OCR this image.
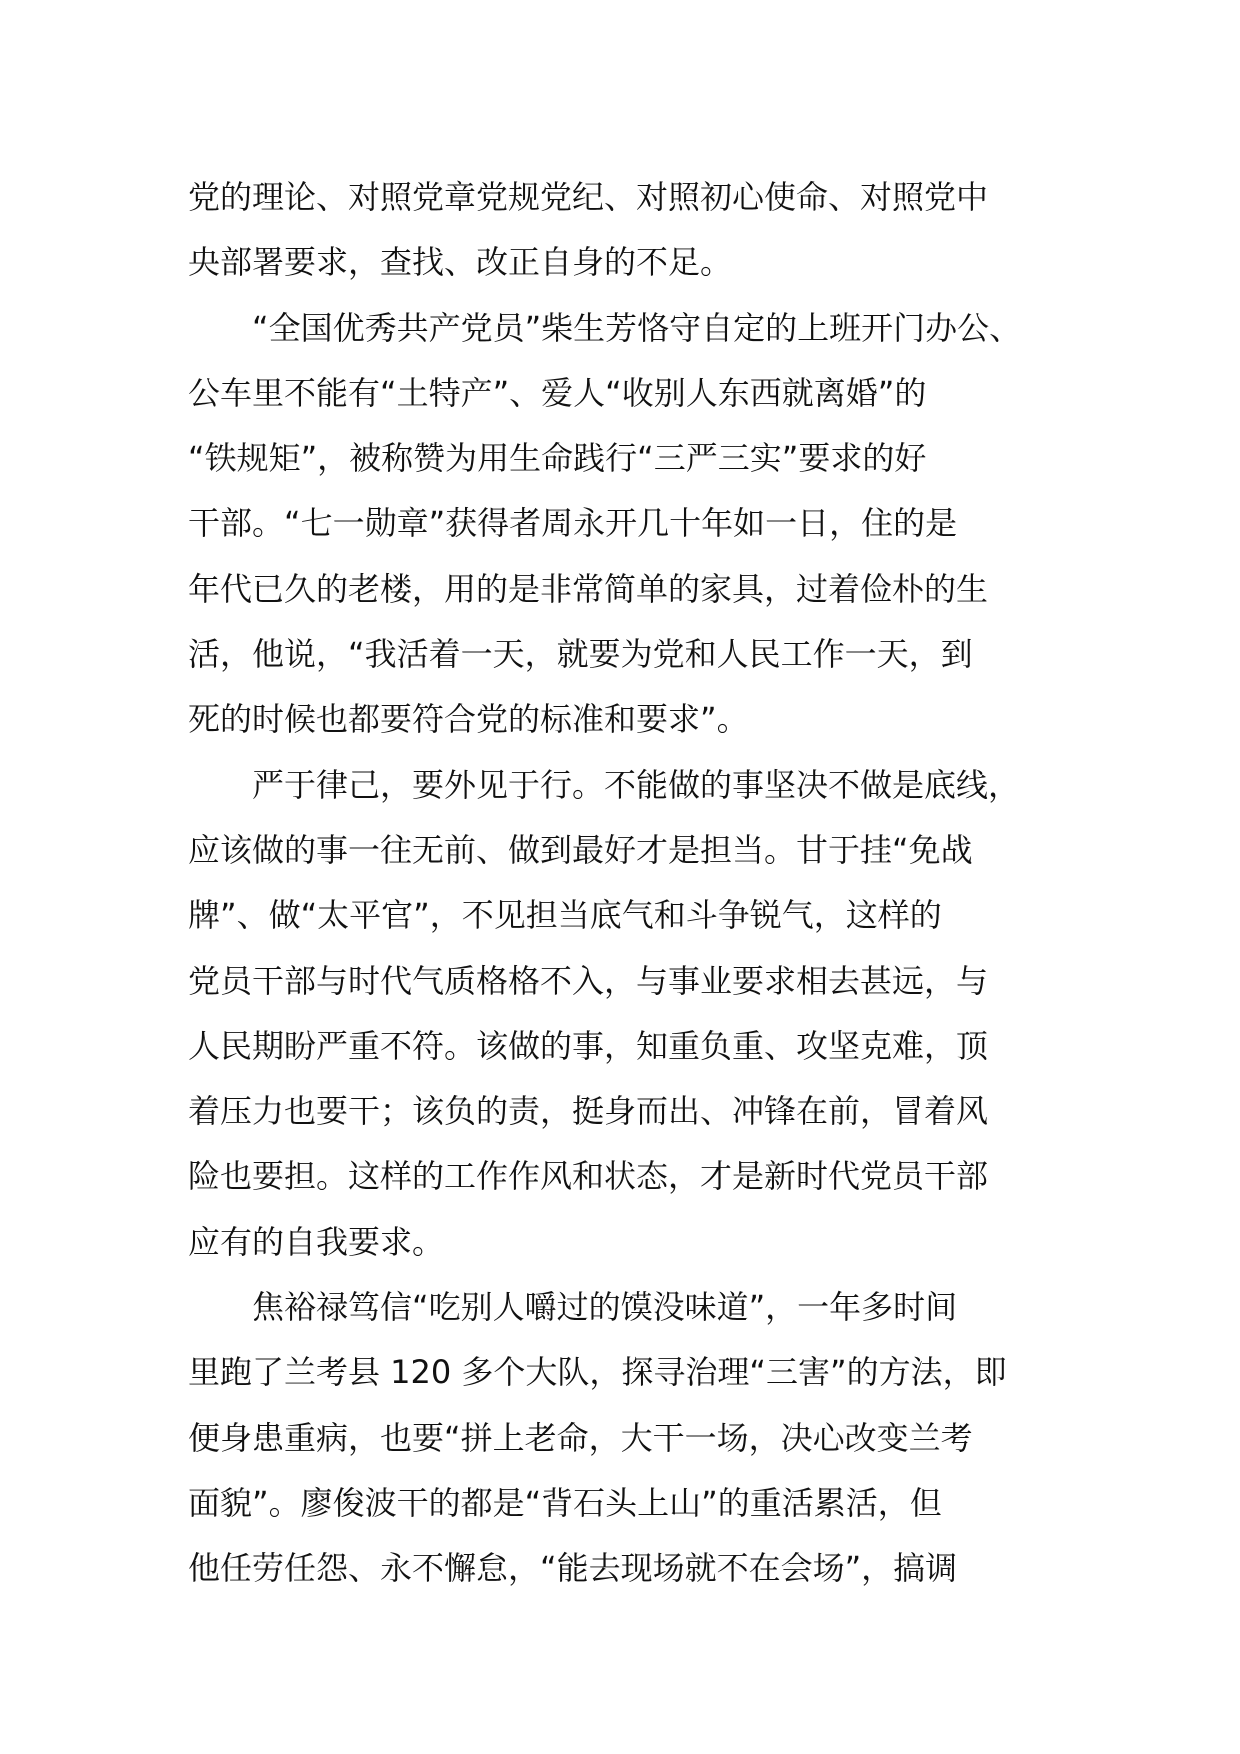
党的理论、对照党章党规党纪、对照初心使命、对照党中
央部署要求，查找、改正自身的不足。
“全国优秀共产党员”柴生芳恪守自定的上班开门办公、
公车里不能有“土特产”、爱人“收别人东西就离婚”的
“铁规矩”，被称赞为用生命践行“三严三实”要求的好
干部。“七一勋章”获得者周永开几十年如一日，住的是
年代已久的老楼，用的是非常简单的家具，过着俭朴的生
活，他说，“我活着一天，就要为党和人民工作一天，到
死的时候也都要符合党的标准和要求”。
严于律己，要外见于行。不能做的事坚决不做是底线，
应该做的事一往无前、做到最好才是担当。甘于挂“免战
牌”、做“太平官”，不见担当底气和斗争锐气，这样的
党员干部与时代气质格格不入，与事业要求相去甚远，与
人民期盼严重不符。该做的事，知重负重、攻坚克难，顶
着压力也要干；该负的责，挺身而出、冲锋在前，冒着风
险也要担。这样的工作作风和状态，才是新时代党员干部
应有的自我要求。
焦裕禄笃信“吃别人嚼过的馍没味道”，一年多时间
里跑了兰考县 120 多个大队，探寻治理“三害”的方法，即
便身患重病，也要“拼上老命，大干一场，决心改变兰考
面貌”。廖俊波干的都是“背石头上山”的重活累活，但
他任劳任怨、永不懈怠，“能去现场就不在会场”，搞调
